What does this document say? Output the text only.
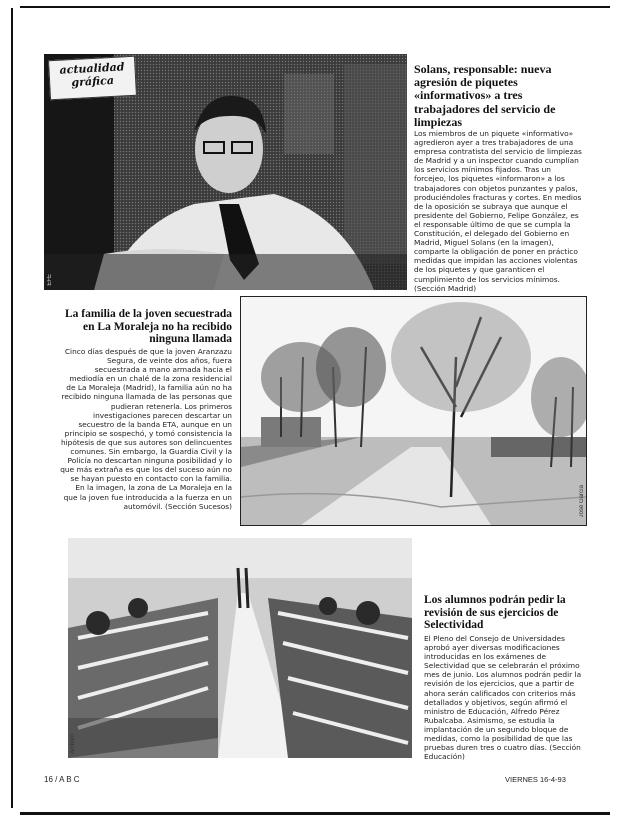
actualidad
gráfica
EFE
Solans, responsable: nueva agresión de piquetes «informativos» a tres trabajadores del servicio de limpiezas
Los miembros de un piquete «informativo» agredieron ayer a tres trabajadores de una empresa contratista del servicio de limpiezas de Madrid y a un inspector cuando cumplían los servicios mínimos fijados. Tras un forcejeo, los piquetes «informaron» a los trabajadores con objetos punzantes y palos, produciéndoles fracturas y cortes. En medios de la oposición se subraya que aunque el presidente del Gobierno, Felipe González, es el responsable último de que se cumpla la Constitución, el delegado del Gobierno en Madrid, Miguel Solans (en la imagen), comparte la obligación de poner en práctico medidas que impidan las acciones violentas de los piquetes y que garanticen el cumplimiento de los servicios mínimos. (Sección Madrid)
La familia de la joven secuestrada en La Moraleja no ha recibido ninguna llamada
Cinco días después de que la joven Aranzazu Segura, de veinte dos años, fuera secuestrada a mano armada hacia el mediodía en un chalé de la zona residencial de La Moraleja (Madrid), la familia aún no ha recibido ninguna llamada de las personas que pudieran retenerla. Los primeros investigaciones parecen descartar un secuestro de la banda ETA, aunque en un principio se sospechó, y tomó consistencia la hipótesis de que sus autores son delincuentes comunes. Sin embargo, la Guardia Civil y la Policía no descartan ninguna posibilidad y lo que más extraña es que los del suceso aún no se hayan puesto en contacto con la familia. En la imagen, la zona de La Moraleja en la que la joven fue introducida a la fuerza en un automóvil. (Sección Sucesos)	José García
Archivo
Los alumnos podrán pedir la revisión de sus ejercicios de Selectividad
El Pleno del Consejo de Universidades aprobó ayer diversas modificaciones introducidas en los exámenes de Selectividad que se celebrarán el próximo mes de junio. Los alumnos podrán pedir la revisión de los ejercicios, que a partir de ahora serán calificados con criterios más detallados y objetivos, según afirmó el ministro de Educación, Alfredo Pérez Rubalcaba. Asimismo, se estudia la implantación de un segundo bloque de medidas, como la posibilidad de que las pruebas duren tres o cuatro días. (Sección Educación)
16 / A B C	VIERNES 16-4-93
